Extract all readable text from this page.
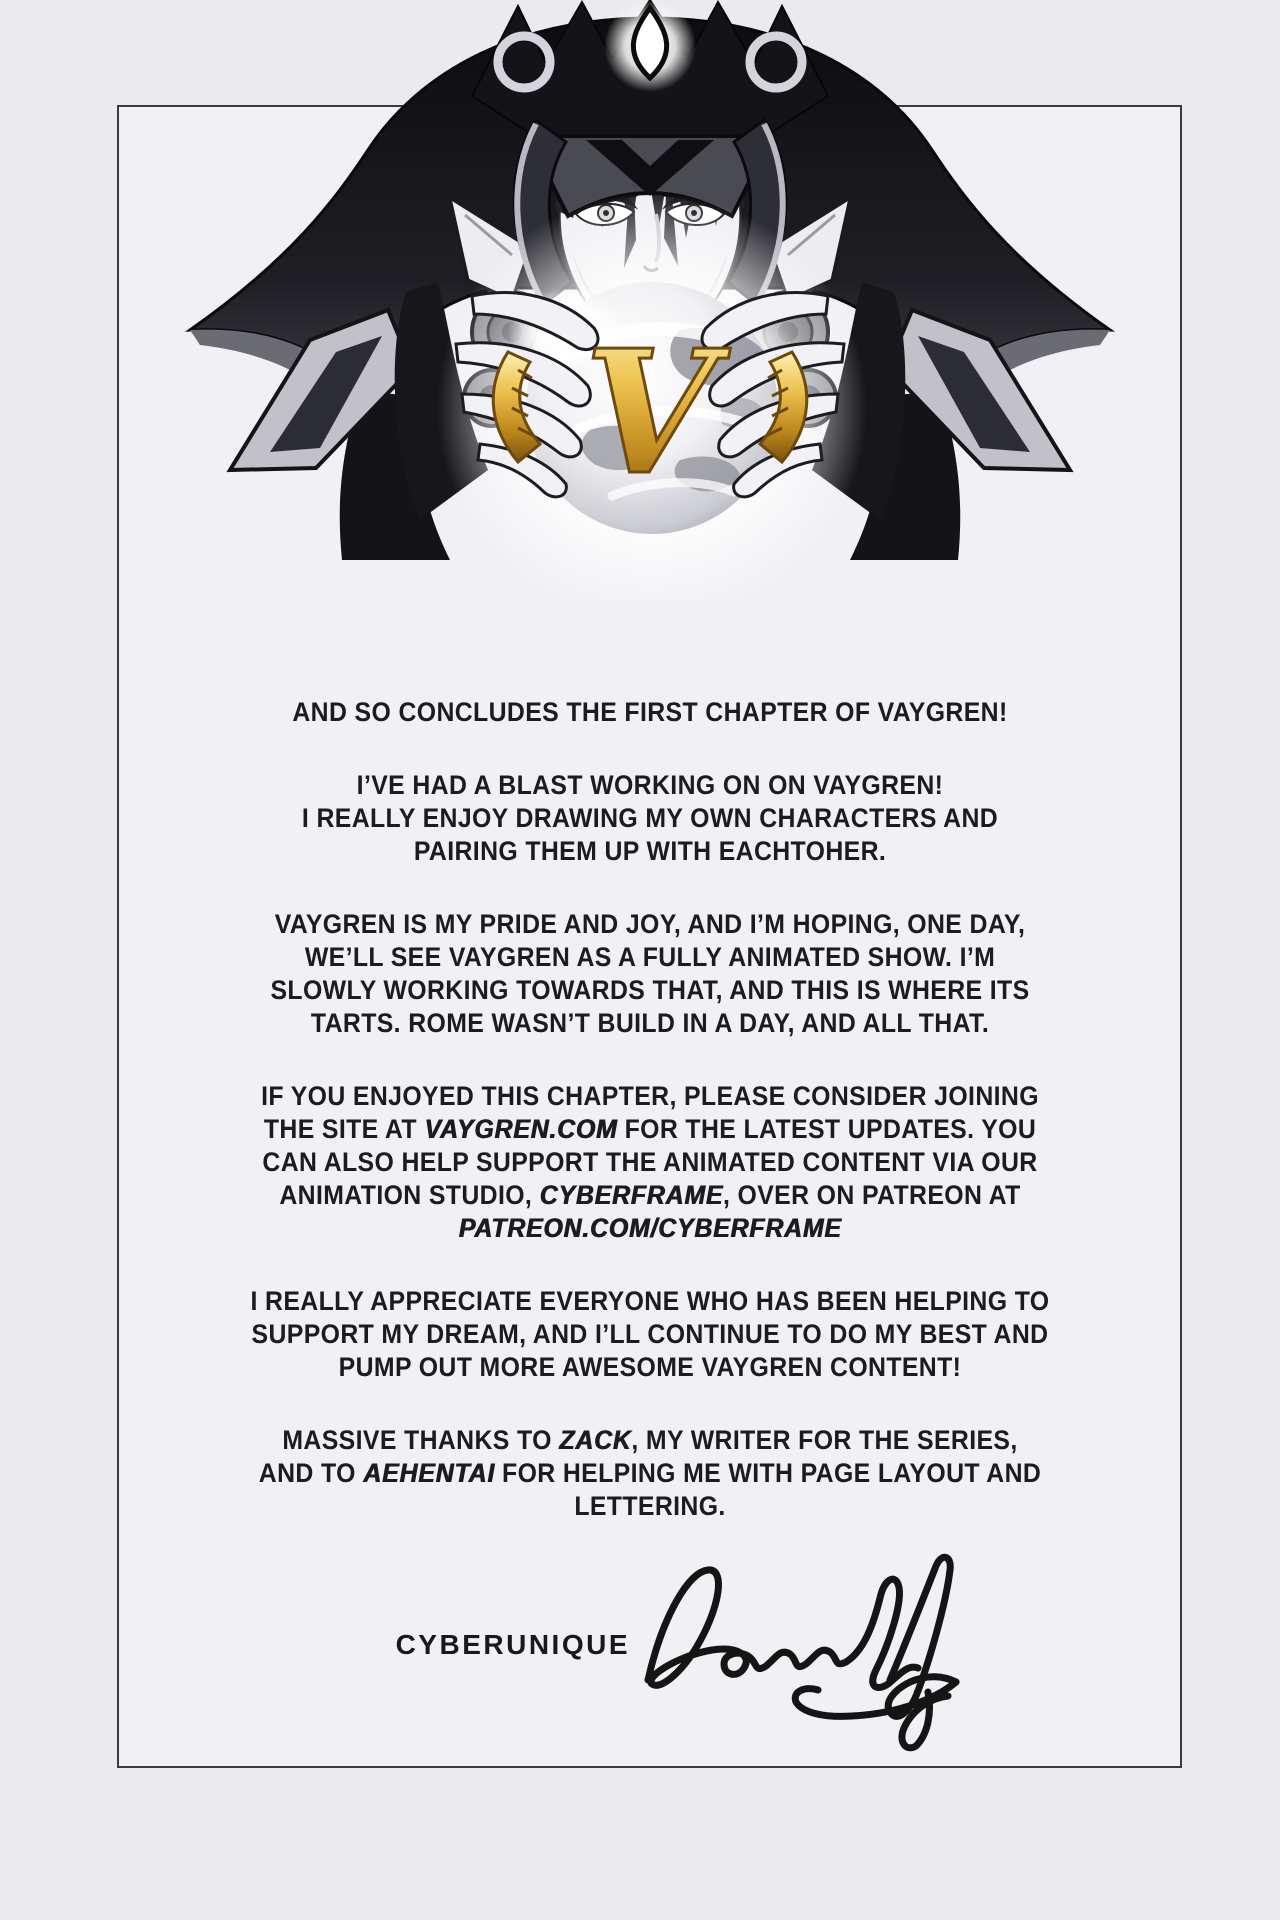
V
AND SO CONCLUDES THE FIRST CHAPTER OF VAYGREN!
I’VE HAD A BLAST WORKING ON ON VAYGREN!
I REALLY ENJOY DRAWING MY OWN CHARACTERS AND
PAIRING THEM UP WITH EACHTOHER.
VAYGREN IS MY PRIDE AND JOY, AND I’M HOPING, ONE DAY,
WE’LL SEE VAYGREN AS A FULLY ANIMATED SHOW. I’M
SLOWLY WORKING TOWARDS THAT, AND THIS IS WHERE ITS
TARTS. ROME WASN’T BUILD IN A DAY, AND ALL THAT.
IF YOU ENJOYED THIS CHAPTER, PLEASE CONSIDER JOINING
THE SITE AT VAYGREN.COM FOR THE LATEST UPDATES. YOU
CAN ALSO HELP SUPPORT THE ANIMATED CONTENT VIA OUR
ANIMATION STUDIO, CYBERFRAME, OVER ON PATREON AT
PATREON.COM/CYBERFRAME
I REALLY APPRECIATE EVERYONE WHO HAS BEEN HELPING TO
SUPPORT MY DREAM, AND I’LL CONTINUE TO DO MY BEST AND
PUMP OUT MORE AWESOME VAYGREN CONTENT!
MASSIVE THANKS TO ZACK, MY WRITER FOR THE SERIES,
AND TO AEHENTAI FOR HELPING ME WITH PAGE LAYOUT AND
LETTERING.
CYBERUNIQUE
